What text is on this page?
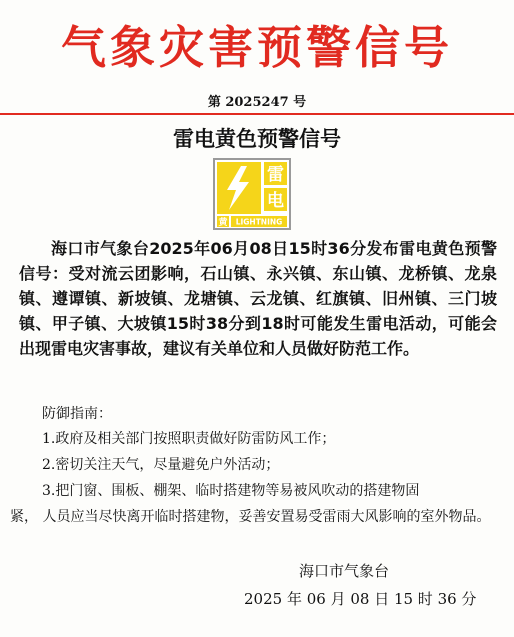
气象灾害预警信号
第 2025247 号
雷电黄色预警信号
雷
电
黄 LIGHTNING
海口市气象台2025年06月08日15时36分发布雷电黄色预警信号：受对流云团影响，石山镇、永兴镇、东山镇、龙桥镇、龙泉镇、遵谭镇、新坡镇、龙塘镇、云龙镇、红旗镇、旧州镇、三门坡镇、甲子镇、大坡镇15时38分到18时可能发生雷电活动，可能会出现雷电灾害事故，建议有关单位和人员做好防范工作。
防御指南：
1.政府及相关部门按照职责做好防雷防风工作；
2.密切关注天气，尽量避免户外活动；
3.把门窗、围板、棚架、临时搭建物等易被风吹动的搭建物固
紧， 人员应当尽快离开临时搭建物，妥善安置易受雷雨大风影响的室外物品。
海口市气象台
2025 年 06 月 08 日 15 时 36 分
